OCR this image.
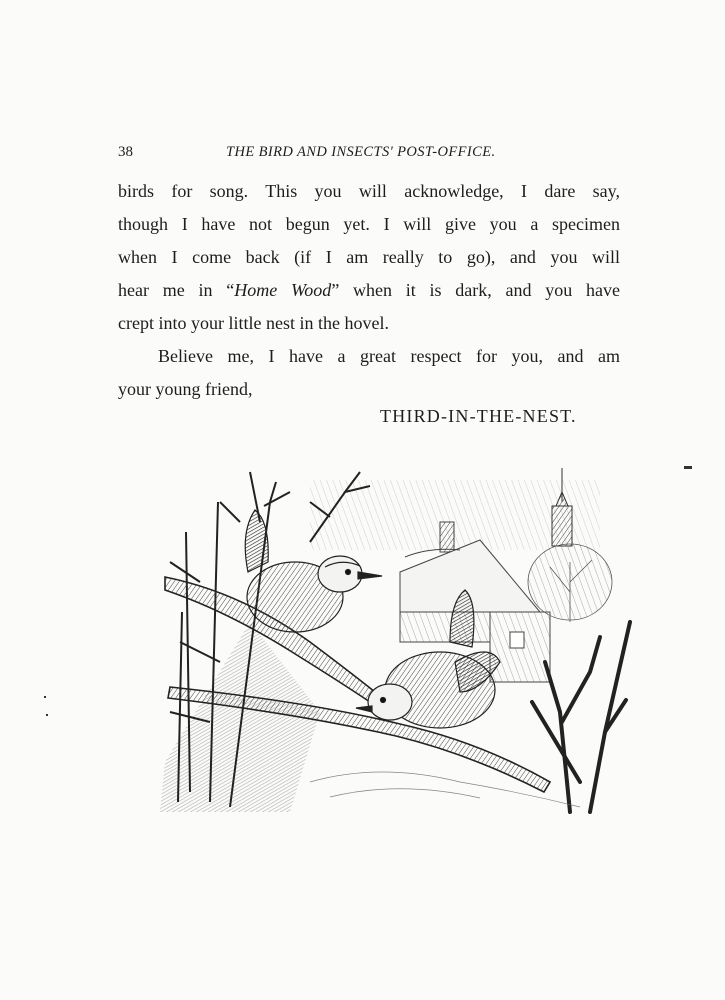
38	THE BIRD AND INSECTS' POST-OFFICE.
birds for song. This you will acknowledge, I dare say,
though I have not begun yet. I will give you a specimen
when I come back (if I am really to go), and you will
hear me in “Home Wood” when it is dark, and you have
crept into your little nest in the hovel.
Believe me, I have a great respect for you, and am
your young friend,
THIRD-IN-THE-NEST.
